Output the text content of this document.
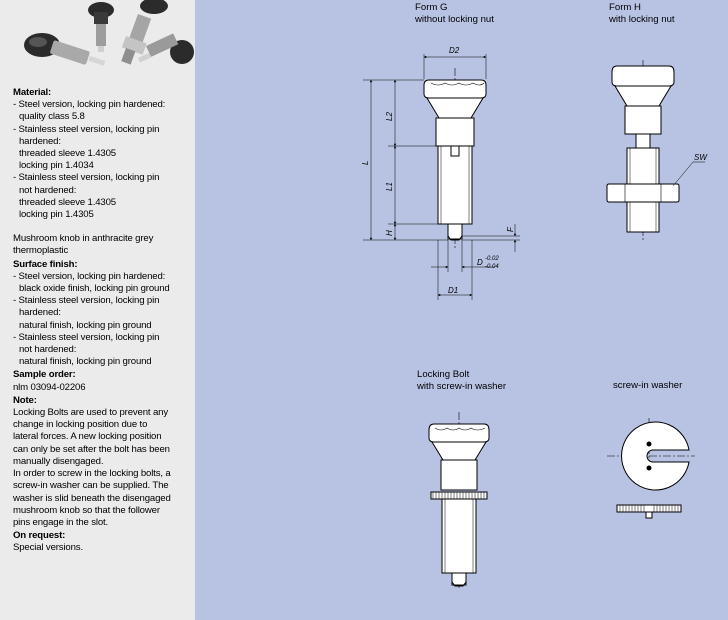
Material:
- Steel version, locking pin hardened:
quality class 5.8
- Stainless steel version, locking pin
hardened:
threaded sleeve 1.4305
locking pin 1.4034
- Stainless steel version, locking pin
not hardened:
threaded sleeve 1.4305
locking pin 1.4305
Mushroom knob in anthracite grey
thermoplastic
Surface finish:
- Steel version, locking pin hardened:
black oxide finish, locking pin ground
- Stainless steel version, locking pin
hardened:
natural finish, locking pin ground
- Stainless steel version, locking pin
not hardened:
natural finish, locking pin ground
Sample order:
nlm 03094-02206
Note:
Locking Bolts are used to prevent any
change in locking position due to
lateral forces. A new locking position
can only be set after the bolt has been
manually disengaged.
In order to screw in the locking bolts, a
screw-in washer can be supplied. The
washer is slid beneath the disengaged
mushroom knob so that the follower
pins engage in the slot.
On request:
Special versions.
Form G
without locking nut
Form H
with locking nut
Locking Bolt
with screw-in washer	screw-in washer
D2
L2
L
L1
H
F
D -0.02
-0.04
D1
SW
